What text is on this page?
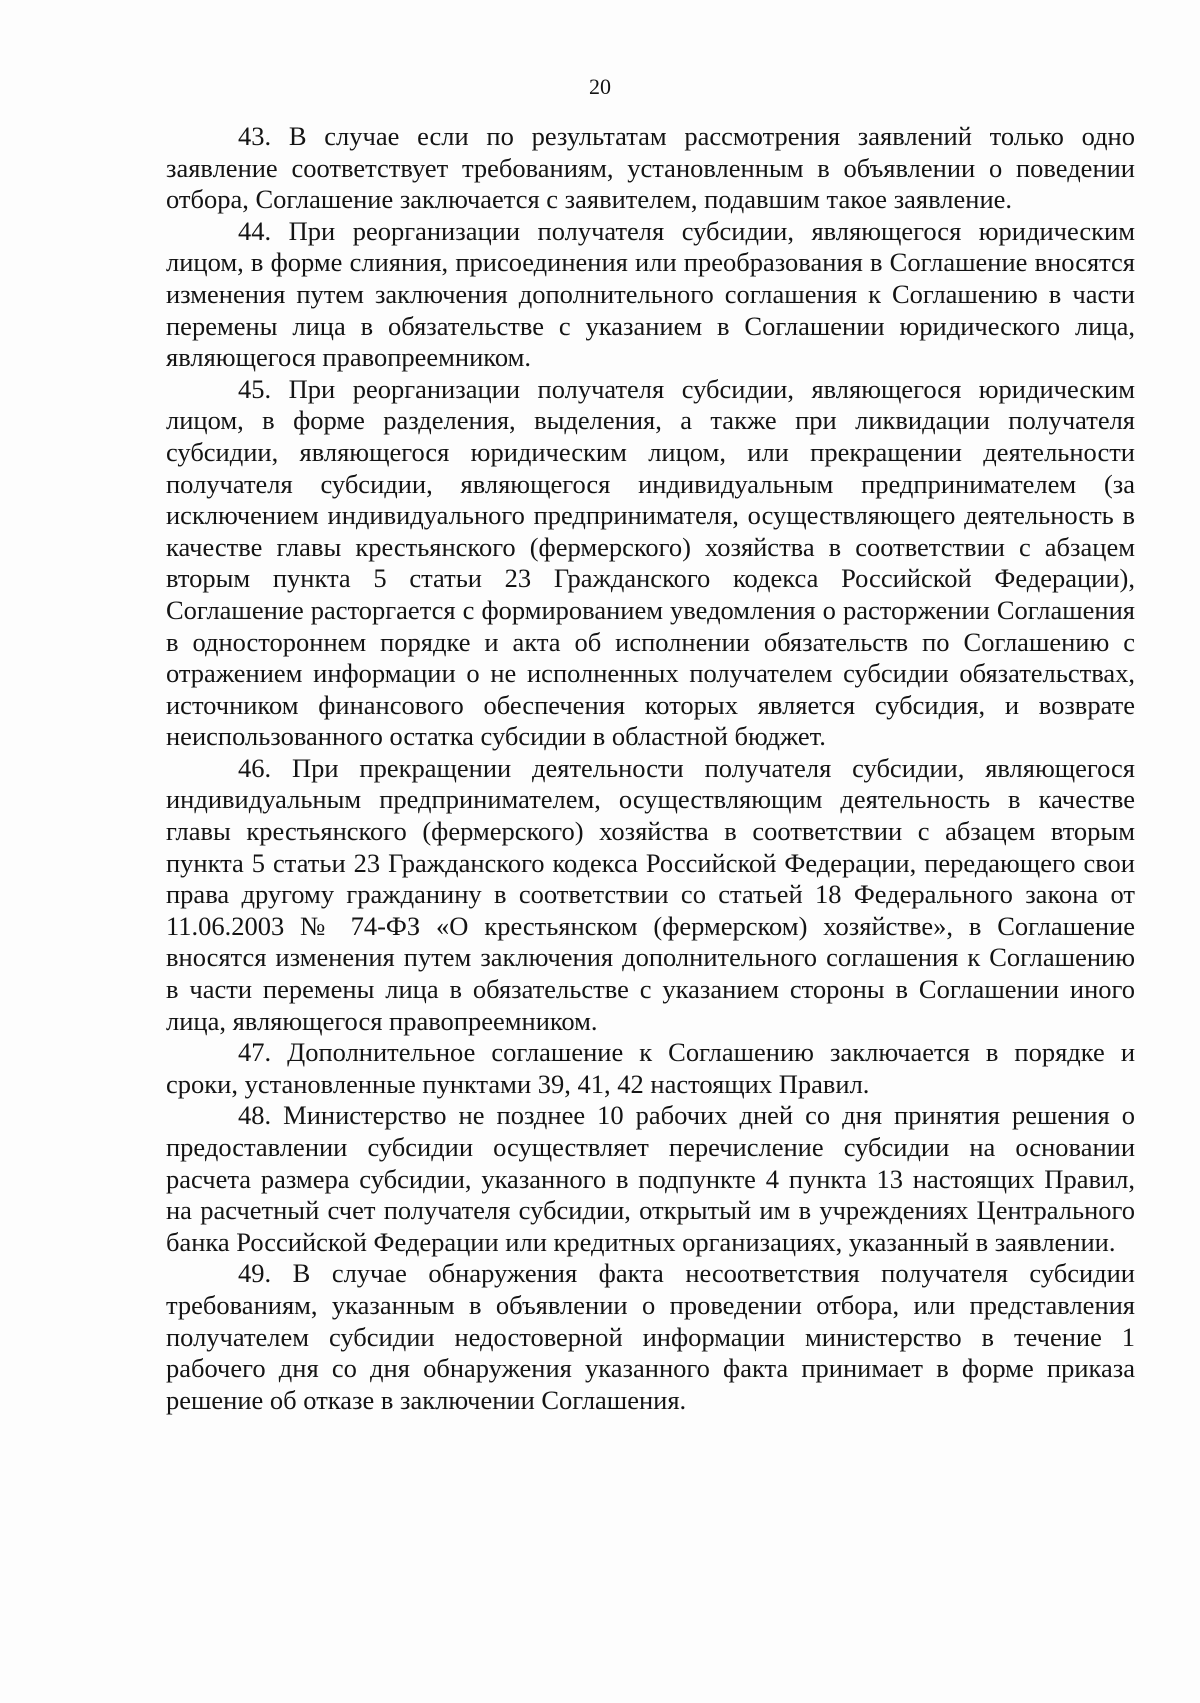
20

43. В случае если по результатам рассмотрения заявлений только одно заявление соответствует требованиям, установленным в объявлении о поведении отбора, Соглашение заключается с заявителем, подавшим такое заявление.

44. При реорганизации получателя субсидии, являющегося юридическим лицом, в форме слияния, присоединения или преобразования в Соглашение вносятся изменения путем заключения дополнительного соглашения к Соглашению в части перемены лица в обязательстве с указанием в Соглашении юридического лица, являющегося правопреемником.

45. При реорганизации получателя субсидии, являющегося юридическим лицом, в форме разделения, выделения, а также при ликвидации получателя субсидии, являющегося юридическим лицом, или прекращении деятельности получателя субсидии, являющегося индивидуальным предпринимателем (за исключением индивидуального предпринимателя, осуществляющего деятельность в качестве главы крестьянского (фермерского) хозяйства в соответствии с абзацем вторым пункта 5 статьи 23 Гражданского кодекса Российской Федерации), Соглашение расторгается с формированием уведомления о расторжении Соглашения в одностороннем порядке и акта об исполнении обязательств по Соглашению с отражением информации о не исполненных получателем субсидии обязательствах, источником финансового обеспечения которых является субсидия, и возврате неиспользованного остатка субсидии в областной бюджет.

46. При прекращении деятельности получателя субсидии, являющегося индивидуальным предпринимателем, осуществляющим деятельность в качестве главы крестьянского (фермерского) хозяйства в соответствии с абзацем вторым пункта 5 статьи 23 Гражданского кодекса Российской Федерации, передающего свои права другому гражданину в соответствии со статьей 18 Федерального закона от 11.06.2003 № 74-ФЗ «О крестьянском (фермерском) хозяйстве», в Соглашение вносятся изменения путем заключения дополнительного соглашения к Соглашению в части перемены лица в обязательстве с указанием стороны в Соглашении иного лица, являющегося правопреемником.

47. Дополнительное соглашение к Соглашению заключается в порядке и сроки, установленные пунктами 39, 41, 42 настоящих Правил.

48. Министерство не позднее 10 рабочих дней со дня принятия решения о предоставлении субсидии осуществляет перечисление субсидии на основании расчета размера субсидии, указанного в подпункте 4 пункта 13 настоящих Правил, на расчетный счет получателя субсидии, открытый им в учреждениях Центрального банка Российской Федерации или кредитных организациях, указанный в заявлении.

49. В случае обнаружения факта несоответствия получателя субсидии требованиям, указанным в объявлении о проведении отбора, или представления получателем субсидии недостоверной информации министерство в течение 1 рабочего дня со дня обнаружения указанного факта принимает в форме приказа решение об отказе в заключении Соглашения.
